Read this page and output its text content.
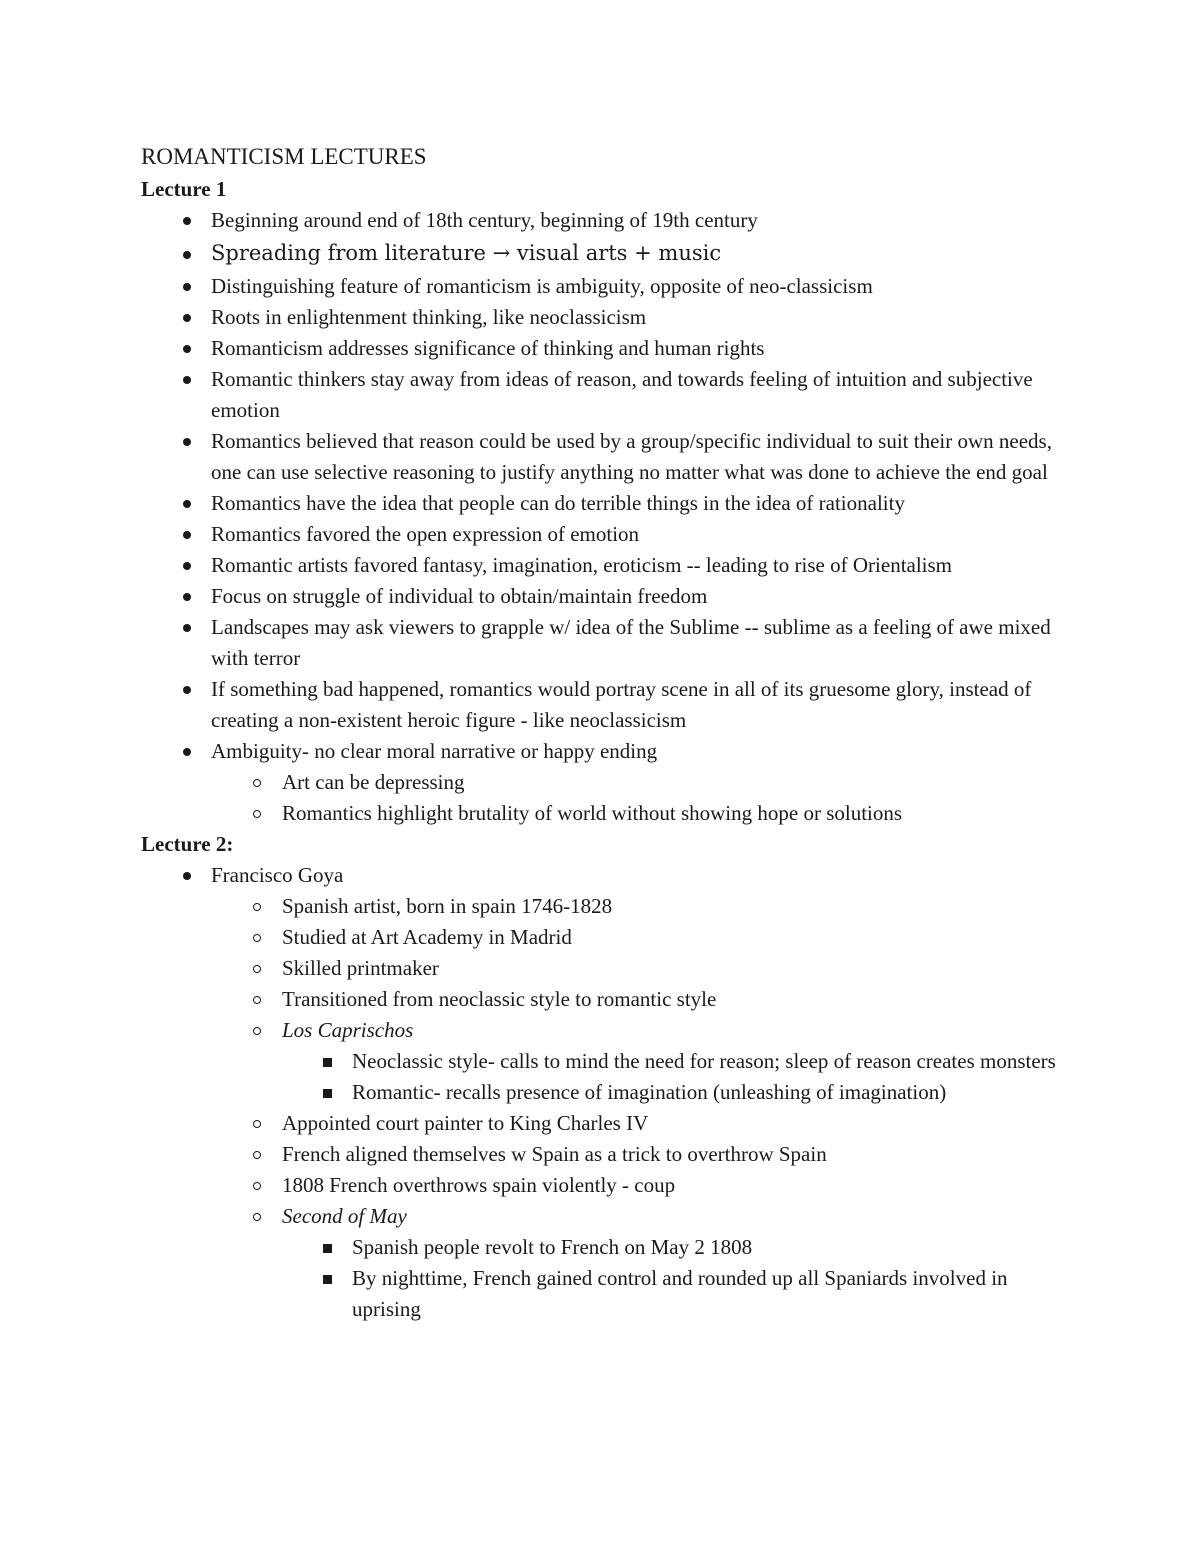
ROMANTICISM LECTURES
Lecture 1
Beginning around end of 18th century, beginning of 19th century
Spreading from literature → visual arts + music
Distinguishing feature of romanticism is ambiguity, opposite of neo-classicism
Roots in enlightenment thinking, like neoclassicism
Romanticism addresses significance of thinking and human rights
Romantic thinkers stay away from ideas of reason, and towards feeling of intuition and subjective emotion
Romantics believed that reason could be used by a group/specific individual to suit their own needs, one can use selective reasoning to justify anything no matter what was done to achieve the end goal
Romantics have the idea that people can do terrible things in the idea of rationality
Romantics favored the open expression of emotion
Romantic artists favored fantasy, imagination, eroticism -- leading to rise of Orientalism
Focus on struggle of individual to obtain/maintain freedom
Landscapes may ask viewers to grapple w/ idea of the Sublime -- sublime as a feeling of awe mixed with terror
If something bad happened, romantics would portray scene in all of its gruesome glory, instead of creating a non-existent heroic figure - like neoclassicism
Ambiguity- no clear moral narrative or happy ending
Art can be depressing
Romantics highlight brutality of world without showing hope or solutions
Lecture 2:
Francisco Goya
Spanish artist, born in spain 1746-1828
Studied at Art Academy in Madrid
Skilled printmaker
Transitioned from neoclassic style to romantic style
Los Caprischos
Neoclassic style- calls to mind the need for reason; sleep of reason creates monsters
Romantic- recalls presence of imagination (unleashing of imagination)
Appointed court painter to King Charles IV
French aligned themselves w Spain as a trick to overthrow Spain
1808 French overthrows spain violently - coup
Second of May
Spanish people revolt to French on May 2 1808
By nighttime, French gained control and rounded up all Spaniards involved in uprising
